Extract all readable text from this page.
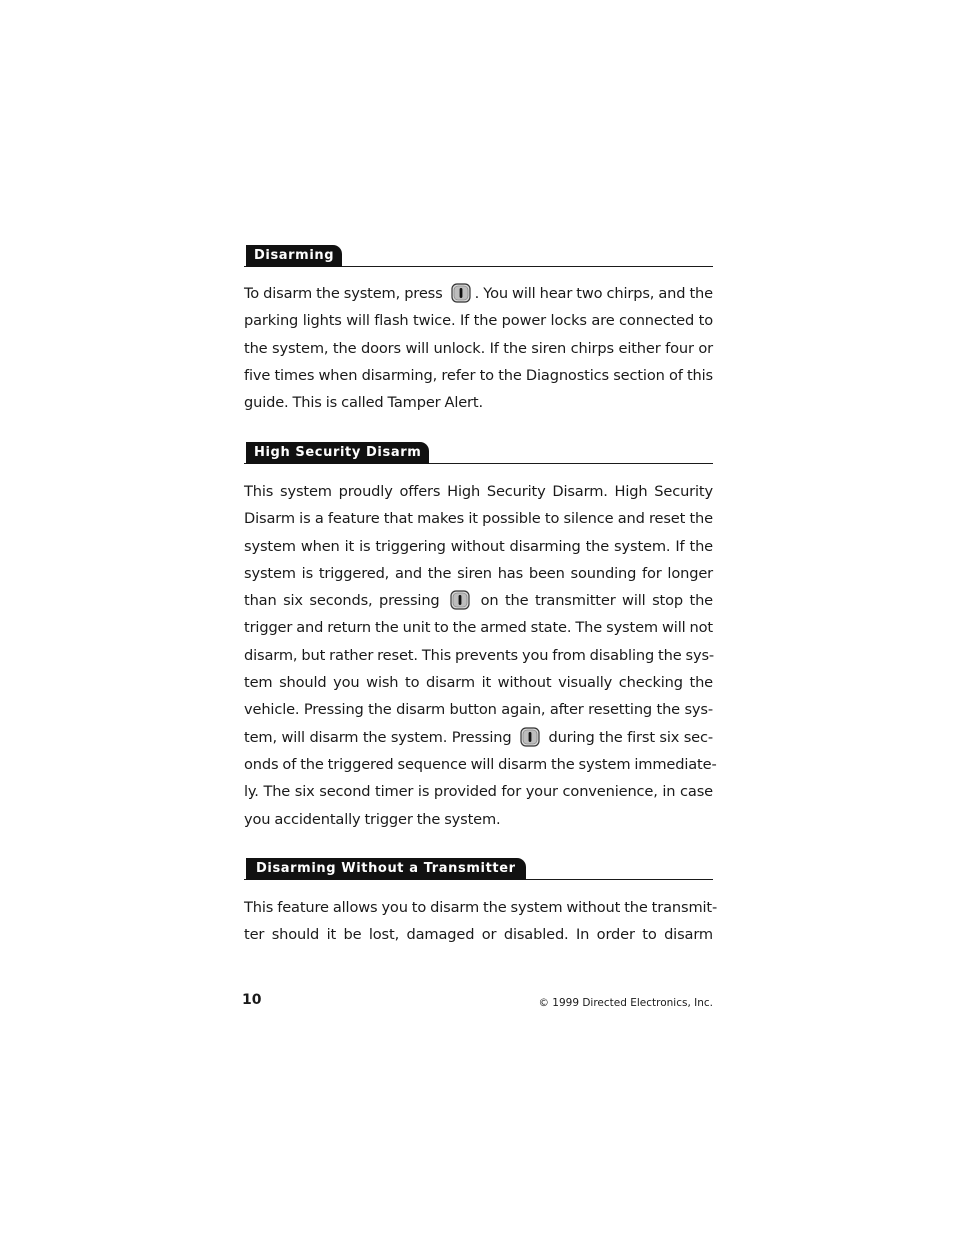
Disarming
To disarm the system, press . You will hear two chirps, and the
parking lights will flash twice. If the power locks are connected to
the system, the doors will unlock. If the siren chirps either four or
five times when disarming, refer to the Diagnostics section of this
guide. This is called Tamper Alert.
High Security Disarm
This system proudly offers High Security Disarm. High Security
Disarm is a feature that makes it possible to silence and reset the
system when it is triggering without disarming the system. If the
system is triggered, and the siren has been sounding for longer
than six seconds, pressing  on the transmitter will stop the
trigger and return the unit to the armed state. The system will not
disarm, but rather reset. This prevents you from disabling the sys-
tem should you wish to disarm it without visually checking the
vehicle. Pressing the disarm button again, after resetting the sys-
tem, will disarm the system. Pressing  during the first six sec-
onds of the triggered sequence will disarm the system immediate-
ly. The six second timer is provided for your convenience, in case
you accidentally trigger the system.
Disarming Without a Transmitter
This feature allows you to disarm the system without the transmit-
ter should it be lost, damaged or disabled. In order to disarm
10	© 1999 Directed Electronics, Inc.
